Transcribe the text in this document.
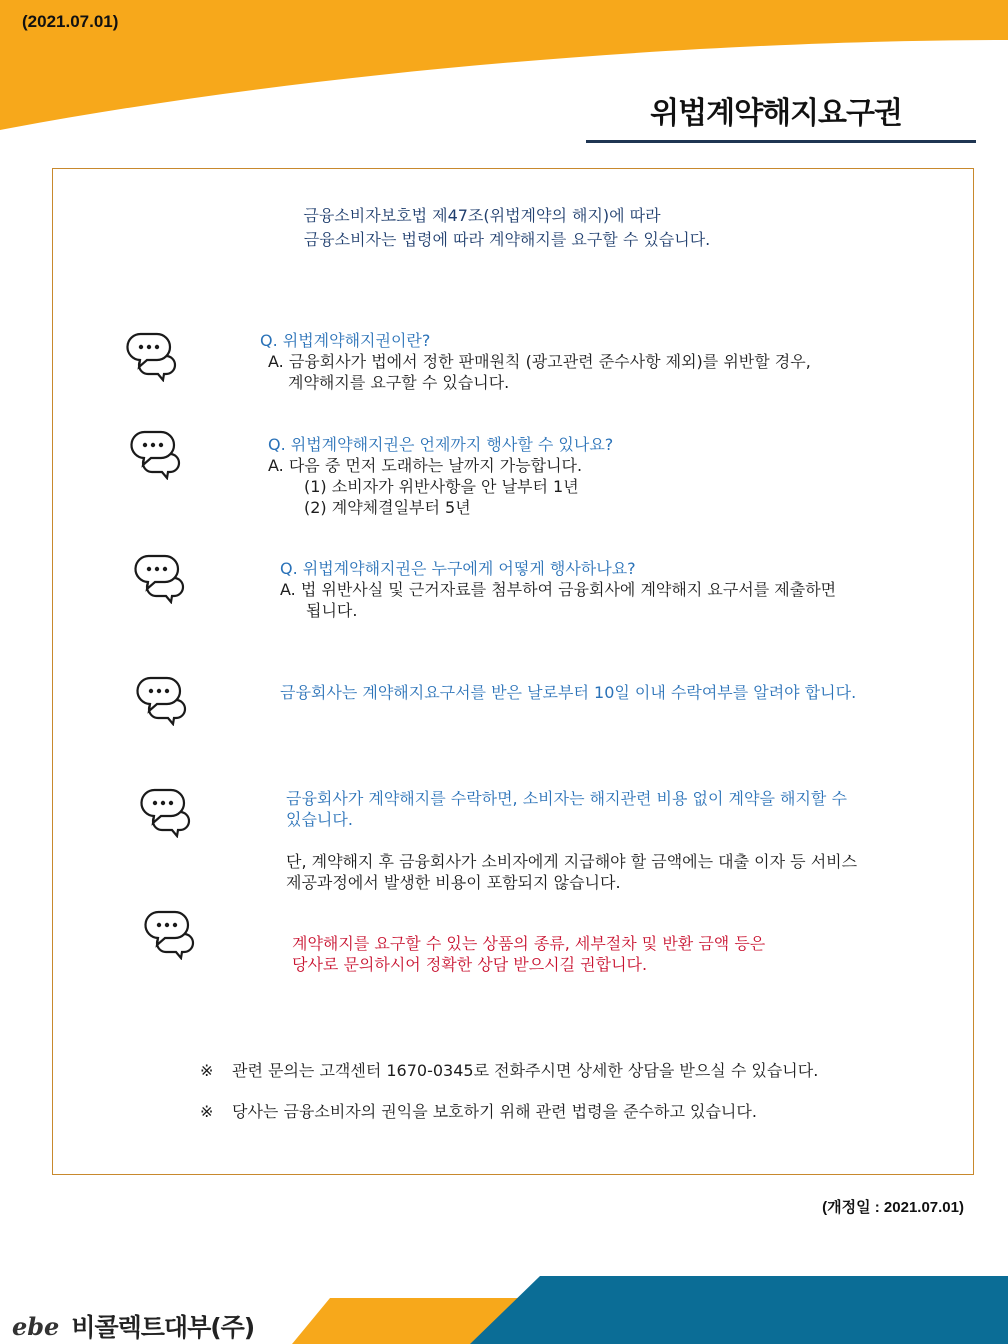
(2021.07.01)
위법계약해지요구권
금융소비자보호법 제47조(위법계약의 해지)에 따라
금융소비자는 법령에 따라 계약해지를 요구할 수 있습니다.
Q. 위법계약해지권이란?
A. 금융회사가 법에서 정한 판매원칙 (광고관련 준수사항 제외)를 위반할 경우,
계약해지를 요구할 수 있습니다.
Q. 위법계약해지권은 언제까지 행사할 수 있나요?
A. 다음 중 먼저 도래하는 날까지 가능합니다.
(1) 소비자가 위반사항을 안 날부터 1년
(2) 계약체결일부터 5년
Q. 위법계약해지권은 누구에게 어떻게 행사하나요?
A. 법 위반사실 및 근거자료를 첨부하여 금융회사에 계약해지 요구서를 제출하면
됩니다.
금융회사는 계약해지요구서를 받은 날로부터 10일 이내 수락여부를 알려야 합니다.
금융회사가 계약해지를 수락하면, 소비자는 해지관련 비용 없이 계약을 해지할 수
있습니다.
단, 계약해지 후 금융회사가 소비자에게 지급해야 할 금액에는 대출 이자 등 서비스
제공과정에서 발생한 비용이 포함되지 않습니다.
계약해지를 요구할 수 있는 상품의 종류, 세부절차 및 반환 금액 등은
당사로 문의하시어 정확한 상담 받으시길 권합니다.
※ 관련 문의는 고객센터 1670-0345로 전화주시면 상세한 상담을 받으실 수 있습니다.
※ 당사는 금융소비자의 권익을 보호하기 위해 관련 법령을 준수하고 있습니다.
(개정일 : 2021.07.01)
ebe 비콜렉트대부(주)
